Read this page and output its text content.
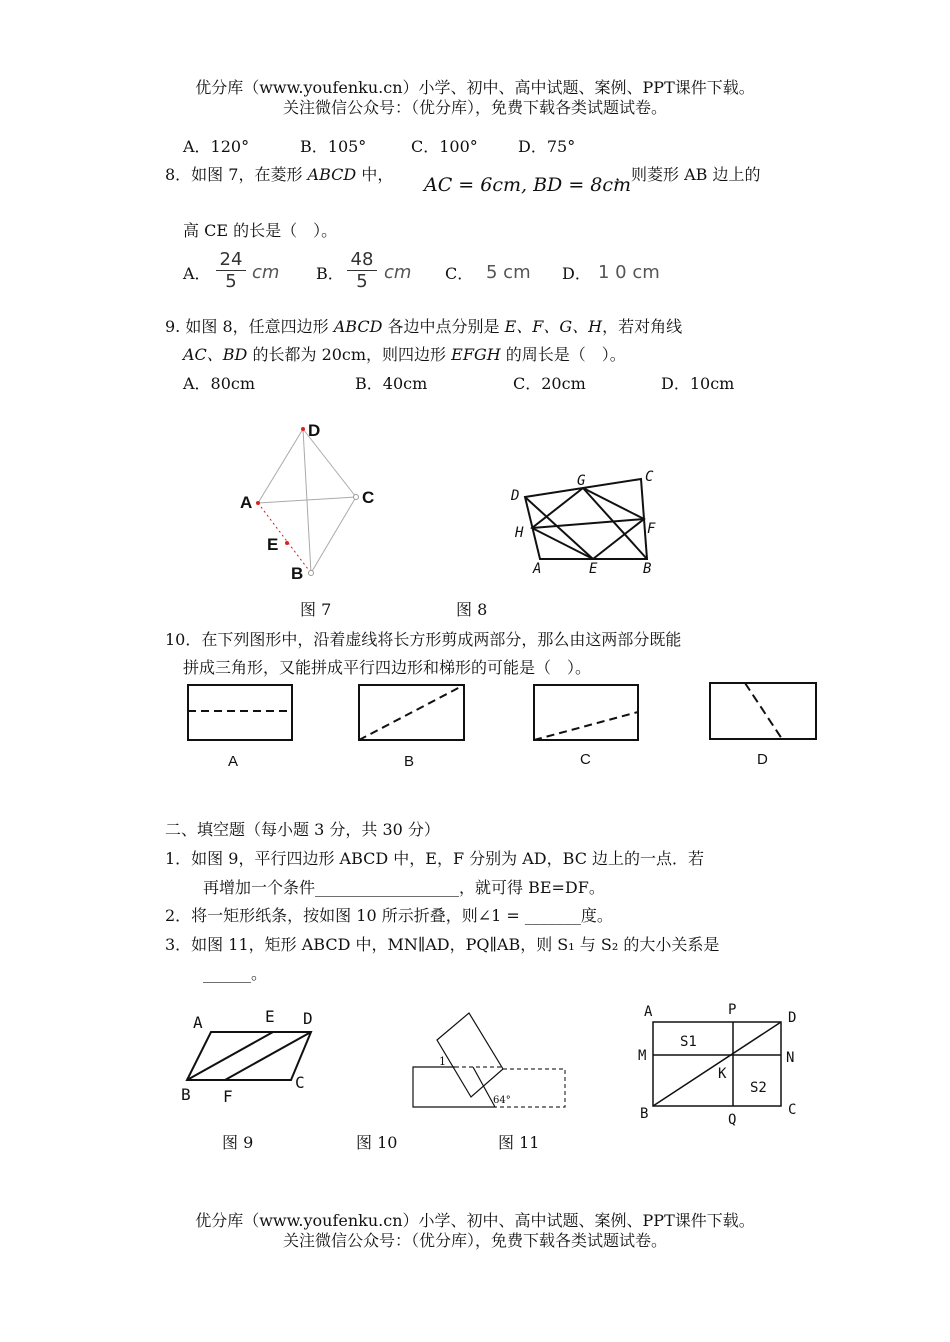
优分库（www.youfenku.cn）小学、初中、高中试题、案例、PPT课件下载。
关注微信公众号：（优分库），免费下载各类试题试卷。
A．120°	B．105°	C．100°	D．75°
8．如图 7，在菱形 ABCD 中， AC = 6cm, BD = 8cm
，则菱形 AB 边上的
高 CE 的长是（　）。
A． $\frac{24}{5}$ cm B． $\frac{48}{5}$ cm C． 5 cm D． 1 0 cm
9. 如图 8，任意四边形 ABCD 各边中点分别是 E、F、G、H，若对角线
AC、BD 的长都为 20cm，则四边形 EFGH 的周长是（　）。
A．80cm	B．40cm	C．20cm	D．10cm
D
A	C
E
B
图 7
D
G	C
H	F
A	E	B
图 8
10．在下列图形中，沿着虚线将长方形剪成两部分，那么由这两部分既能
拼成三角形，又能拼成平行四边形和梯形的可能是（　）。
A	B	C	D
二、填空题（每小题 3 分，共 30 分）
1．如图 9，平行四边形 ABCD 中，E，F 分别为 AD，BC 边上的一点．若
再增加一个条件__________________，就可得 BE=DF。
2．将一矩形纸条，按如图 10 所示折叠，则∠1 = _______度。
3．如图 11，矩形 ABCD 中，MN∥AD，PQ∥AB，则 S₁ 与 S₂ 的大小关系是
______。
A	E D
B F
C
图 9
1
64°
图 10
A	P	D
M	N
S1
K
S2
B	Q
C
图 11
优分库（www.youfenku.cn）小学、初中、高中试题、案例、PPT课件下载。
关注微信公众号：（优分库），免费下载各类试题试卷。
